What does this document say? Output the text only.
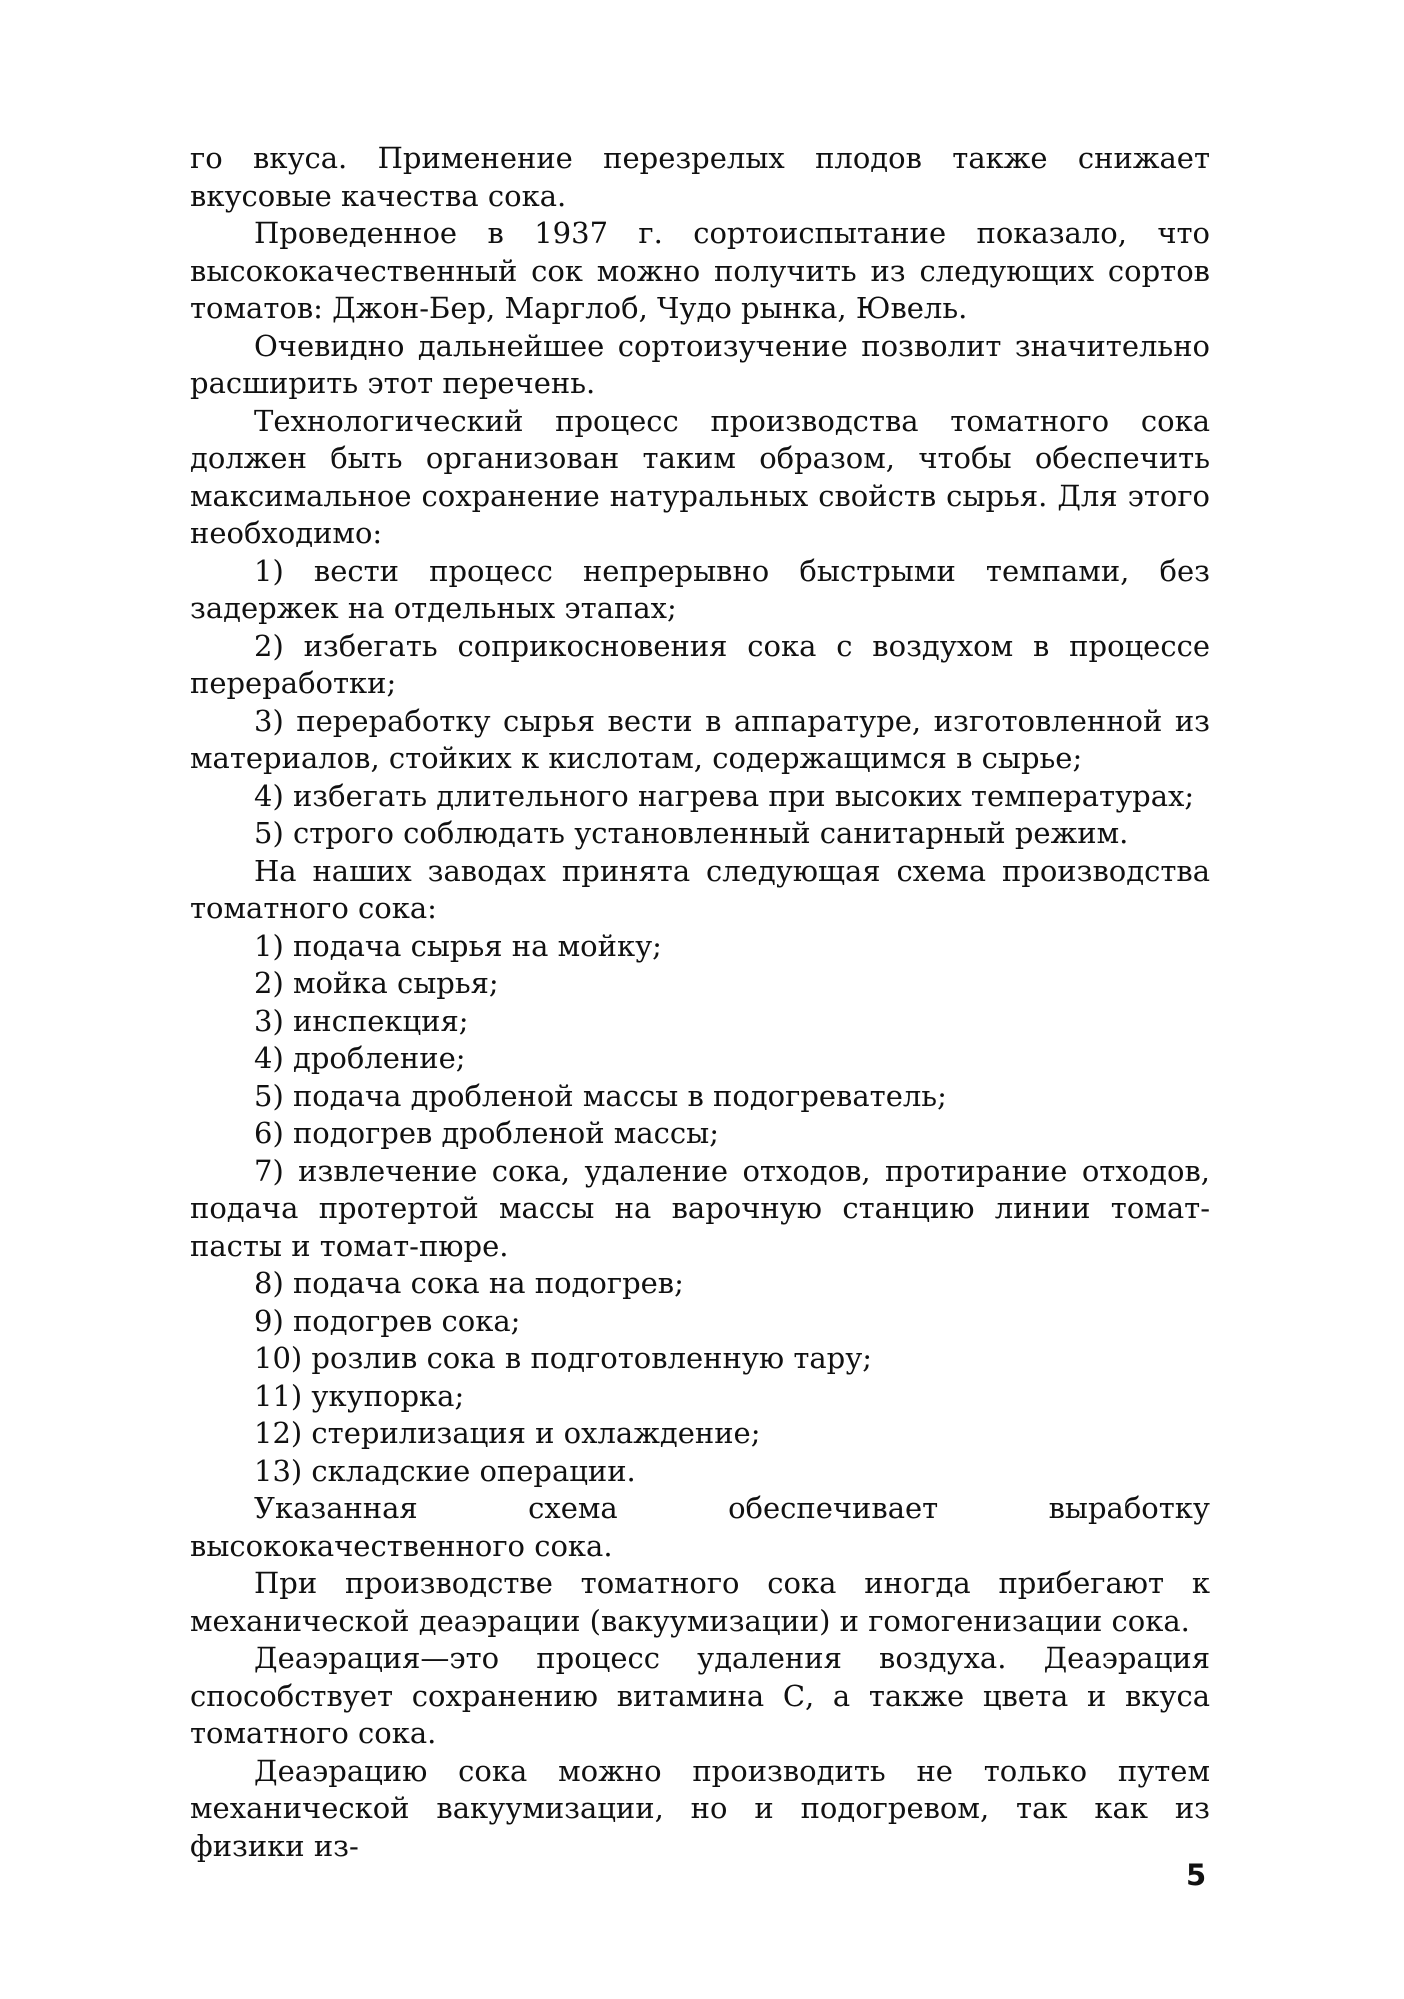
го вкуса. Применение перезрелых плодов также снижает вкусовые качества сока.

Проведенное в 1937 г. сортоиспытание показало, что высококачественный сок можно получить из следующих сортов томатов: Джон-Бер, Марглоб, Чудо рынка, Ювель.

Очевидно дальнейшее сортоизучение позволит значительно расширить этот перечень.

Технологический процесс производства томатного сока должен быть организован таким образом, чтобы обеспечить максимальное сохранение натуральных свойств сырья. Для этого необходимо:

1) вести процесс непрерывно быстрыми темпами, без задержек на отдельных этапах;

2) избегать соприкосновения сока с воздухом в процессе переработки;

3) переработку сырья вести в аппаратуре, изготовленной из материалов, стойких к кислотам, содержащимся в сырье;

4) избегать длительного нагрева при высоких температурах;

5) строго соблюдать установленный санитарный режим.

На наших заводах принята следующая схема производства томатного сока:

1) подача сырья на мойку;

2) мойка сырья;

3) инспекция;

4) дробление;

5) подача дробленой массы в подогреватель;

6) подогрев дробленой массы;

7) извлечение сока, удаление отходов, протирание отходов, подача протертой массы на варочную станцию линии томат-пасты и томат-пюре.

8) подача сока на подогрев;

9) подогрев сока;

10) розлив сока в подготовленную тару;

11) укупорка;

12) стерилизация и охлаждение;

13) складские операции.

Указанная схема обеспечивает выработку высококачественного сока.

При производстве томатного сока иногда прибегают к механической деаэрации (вакуумизации) и гомогенизации сока.

Деаэрация—это процесс удаления воздуха. Деаэрация способствует сохранению витамина С, а также цвета и вкуса томатного сока.

Деаэрацию сока можно производить не только путем механической вакуумизации, но и подогревом, так как из физики из-

5
